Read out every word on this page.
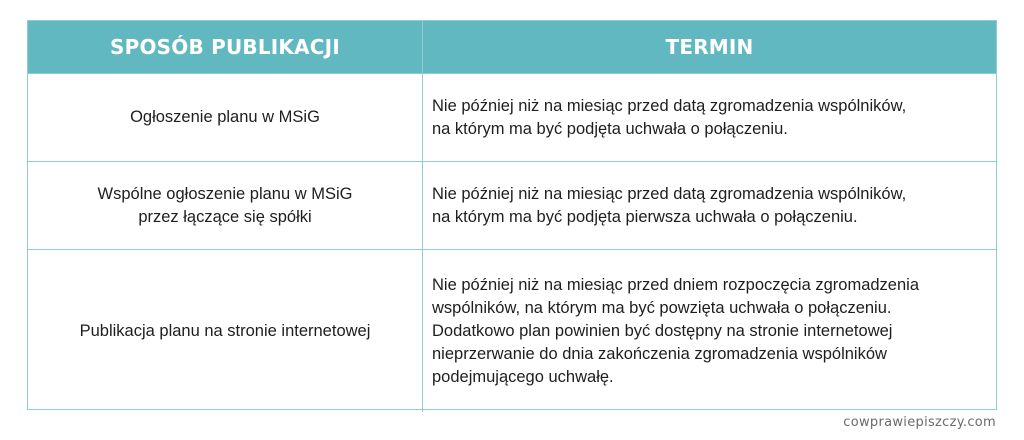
SPOSÓB PUBLIKACJI	TERMIN

Ogłoszenie planu w MSiG	Nie później niż na miesiąc przed datą zgromadzenia wspólników,
na którym ma być podjęta uchwała o połączeniu.

Wspólne ogłoszenie planu w MSiG
przez łączące się spółki	Nie później niż na miesiąc przed datą zgromadzenia wspólników,
na którym ma być podjęta pierwsza uchwała o połączeniu.

Publikacja planu na stronie internetowej	Nie później niż na miesiąc przed dniem rozpoczęcia zgromadzenia
wspólników, na którym ma być powzięta uchwała o połączeniu.
Dodatkowo plan powinien być dostępny na stronie internetowej
nieprzerwanie do dnia zakończenia zgromadzenia wspólników
podejmującego uchwałę.
cowprawiepiszczy.com
